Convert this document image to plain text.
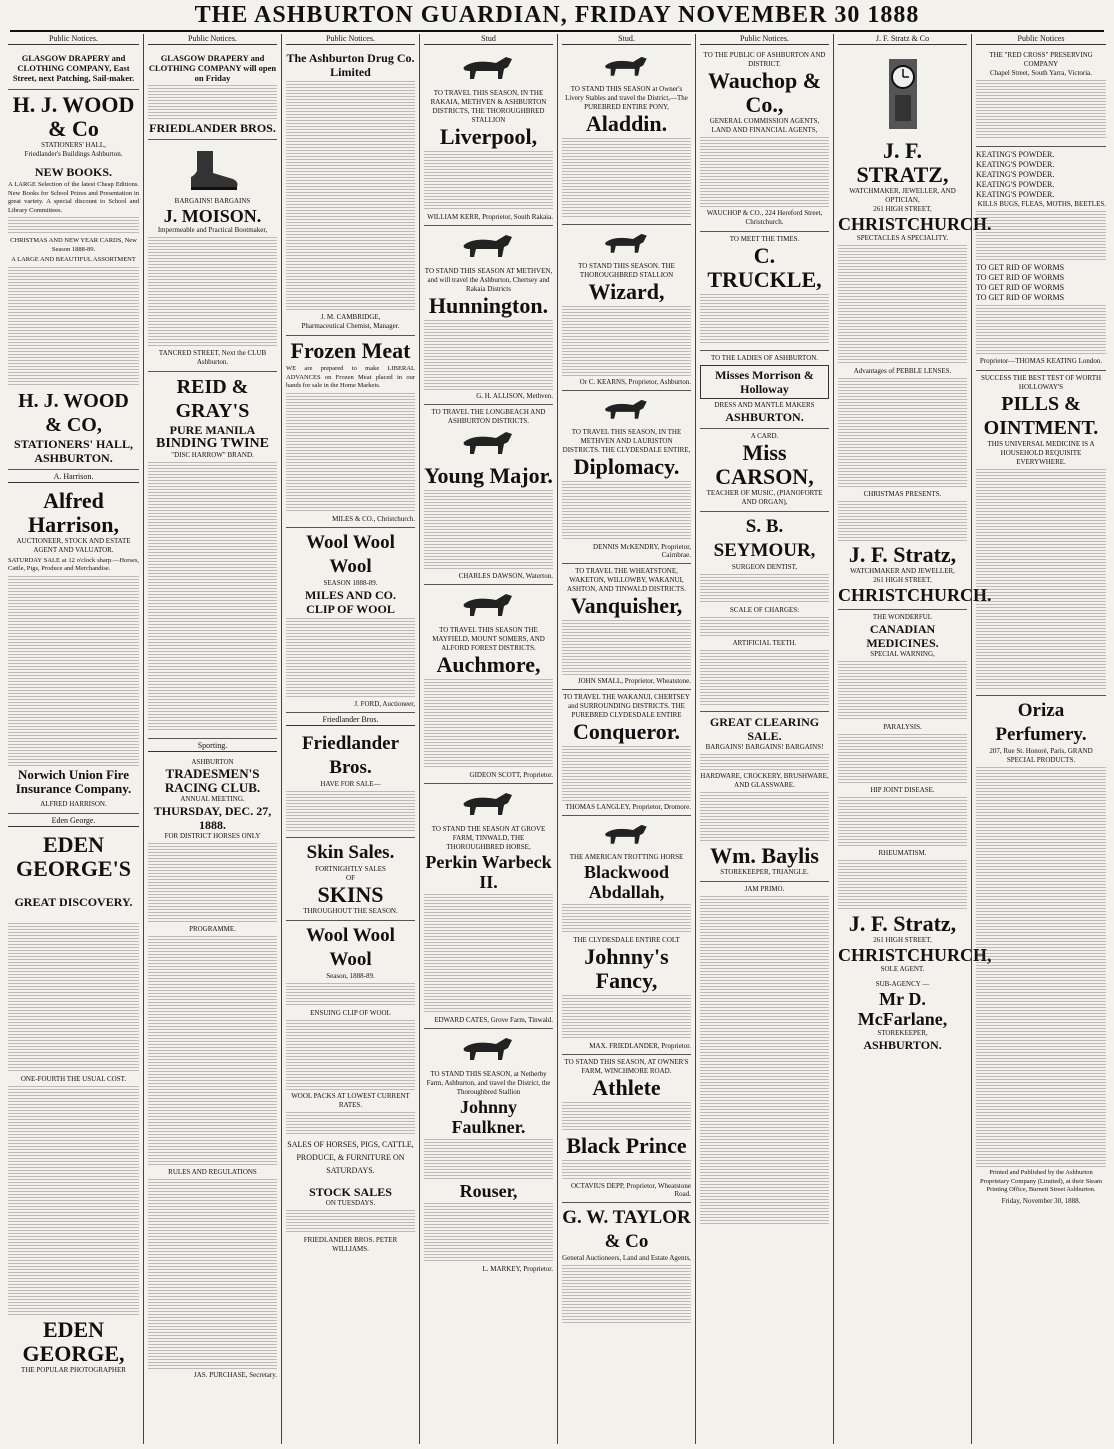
THE ASHBURTON GUARDIAN, FRIDAY NOVEMBER 30 1888
Public Notices.
GLASGOW DRAPERY and CLOTHING COMPANY, East Street, next Patching, Sail-maker.
H. J. WOOD & Co
STATIONERS' HALL,
Friedlander's Buildings Ashburton.
NEW BOOKS.
A LARGE Selection of the latest Cheap Editions. New Books for School Prizes and Presentation in great variety. A special discount to School and Library Committees.
CHRISTMAS AND NEW YEAR CARDS, New Season 1888-89.
A LARGE AND BEAUTIFUL ASSORTMENT
H. J. WOOD & CO,
STATIONERS' HALL, ASHBURTON.
A. Harrison.
Alfred Harrison,
AUCTIONEER, STOCK AND ESTATE AGENT AND VALUATOR.
SATURDAY SALE at 12 o'clock sharp.—Horses, Cattle, Pigs, Produce and Merchandise.
Norwich Union Fire Insurance Company.
ALFRED HARRISON.
Eden George.
EDEN GEORGE'S
GREAT DISCOVERY.
ONE-FOURTH THE USUAL COST.
EDEN GEORGE,
THE POPULAR PHOTOGRAPHER
Public Notices.
GLASGOW DRAPERY and CLOTHING COMPANY will open on Friday
FRIEDLANDER BROS.
BARGAINS! BARGAINS
J. MOISON.
Impermeable and Practical Bootmaker,
TANCRED STREET, Next the CLUB Ashburton.
REID & GRAY'S
PURE MANILA
BINDING TWINE
"DISC HARROW" BRAND.
Sporting.
ASHBURTON
TRADESMEN'S RACING CLUB.
ANNUAL MEETING.
THURSDAY, DEC. 27, 1888.
FOR DISTRICT HORSES ONLY
PROGRAMME.
RULES AND REGULATIONS
JAS. PURCHASE, Secretary.
Public Notices.
The Ashburton Drug Co. Limited
J. M. CAMBRIDGE,
Pharmaceutical Chemist, Manager.
Frozen Meat
WE are prepared to make LIBERAL ADVANCES on Frozen Meat placed in our hands for sale in the Home Markets.
MILES & CO., Christchurch.
Wool Wool Wool
SEASON 1888-89.
MILES AND CO.
CLIP OF WOOL
J. FORD, Auctioneer,
Friedlander Bros.
Friedlander Bros.
HAVE FOR SALE—
Skin Sales.
FORTNIGHTLY SALES
OF
SKINS
THROUGHOUT THE SEASON.
Wool Wool Wool
Season, 1888-89.
ENSUING CLIP OF WOOL
WOOL PACKS AT LOWEST CURRENT RATES.
SALES OF HORSES, PIGS, CATTLE, PRODUCE, & FURNITURE ON SATURDAYS.
STOCK SALES
ON TUESDAYS.
FRIEDLANDER BROS. PETER WILLIAMS.
Stud
TO TRAVEL THIS SEASON, IN THE RAKAIA, METHVEN & ASHBURTON DISTRICTS, THE THOROUGHBRED STALLION
Liverpool,
WILLIAM KERR, Proprietor, South Rakaia.
TO STAND THIS SEASON AT METHVEN, and will travel the Ashburton, Chertsey and Rakaia Districts
Hunnington.
G. H. ALLISON, Methven.
TO TRAVEL THE LONGBEACH AND ASHBURTON DISTRICTS.
Young Major.
CHARLES DAWSON, Waterton.
TO TRAVEL THIS SEASON THE MAYFIELD, MOUNT SOMERS, AND ALFORD FOREST DISTRICTS.
Auchmore,
GIDEON SCOTT, Proprietor.
TO STAND THE SEASON AT GROVE FARM, TINWALD, THE THOROUGHBRED HORSE,
Perkin Warbeck II.
EDWARD CATES, Grove Farm, Tinwald.
TO STAND THIS SEASON, at Netherby Farm, Ashburton, and travel the District, the Thoroughbred Stallion
Johnny Faulkner.
Rouser,
L. MARKEY, Proprietor.
Stud.
TO STAND THIS SEASON at Owner's Livery Stables and travel the District,—The PUREBRED ENTIRE PONY,
Aladdin.
TO STAND THIS SEASON. THE THOROUGHBRED STALLION
Wizard,
Or C. KEARNS, Proprietor, Ashburton.
TO TRAVEL THIS SEASON, IN THE METHVEN AND LAURISTON DISTRICTS. THE CLYDESDALE ENTIRE,
Diplomacy.
DENNIS McKENDRY, Proprietor, Cairnbrae.
TO TRAVEL THE WHEATSTONE, WAKETON, WILLOWBY, WAKANUI, ASHTON, AND TINWALD DISTRICTS.
Vanquisher,
JOHN SMALL, Proprietor, Wheatstone.
TO TRAVEL THE WAKANUI, CHERTSEY and SURROUNDING DISTRICTS. THE PUREBRED CLYDESDALE ENTIRE
Conqueror.
THOMAS LANGLEY, Proprietor, Dromore.
THE AMERICAN TROTTING HORSE
Blackwood Abdallah,
THE CLYDESDALE ENTIRE COLT
Johnny's Fancy,
MAX. FRIEDLANDER, Proprietor.
TO STAND THIS SEASON, AT OWNER'S FARM, WINCHMORE ROAD.
Athlete
Black Prince
OCTAVIUS DEPP, Proprietor, Wheatstone Road.
G. W. TAYLOR & Co
General Auctioneers, Land and Estate Agents,
Public Notices.
TO THE PUBLIC OF ASHBURTON AND DISTRICT.
Wauchop & Co.,
GENERAL COMMISSION AGENTS, LAND AND FINANCIAL AGENTS,
WAUCHOP & CO., 224 Hereford Street, Christchurch.
TO MEET THE TIMES.
C. TRUCKLE,
TO THE LADIES OF ASHBURTON.
Misses Morrison & Holloway
DRESS AND MANTLE MAKERS
ASHBURTON.
A CARD.
Miss CARSON,
TEACHER OF MUSIC, (PIANOFORTE AND ORGAN),
S. B. SEYMOUR,
SURGEON DENTIST,
SCALE OF CHARGES:
ARTIFICIAL TEETH.
GREAT CLEARING SALE.
BARGAINS! BARGAINS! BARGAINS!
HARDWARE, CROCKERY, BRUSHWARE, AND GLASSWARE.
Wm. Baylis
STOREKEEPER, TRIANGLE.
JAM PRIMO.
J. F. Stratz & Co
J. F. STRATZ,
WATCHMAKER, JEWELLER, AND OPTICIAN,
261 HIGH STREET,
CHRISTCHURCH.
SPECTACLES A SPECIALITY.
Advantages of PEBBLE LENSES.
CHRISTMAS PRESENTS.
J. F. Stratz,
WATCHMAKER AND JEWELLER,
261 HIGH STREET,
CHRISTCHURCH.
THE WONDERFUL
CANADIAN MEDICINES.
SPECIAL WARNING,
PARALYSIS.
HIP JOINT DISEASE.
RHEUMATISM.
J. F. Stratz,
261 HIGH STREET,
CHRISTCHURCH,
SOLE AGENT.
SUB-AGENCY —
Mr D. McFarlane,
STOREKEEPER,
ASHBURTON.
Public Notices
THE "RED CROSS" PRESERVING COMPANY
Chapel Street, South Yarra, Victoria.
KEATING'S POWDER.
KEATING'S POWDER.
KEATING'S POWDER.
KEATING'S POWDER.
KEATING'S POWDER.
KILLS BUGS, FLEAS, MOTHS, BEETLES.
TO GET RID OF WORMS
TO GET RID OF WORMS
TO GET RID OF WORMS
TO GET RID OF WORMS
Proprietor—THOMAS KEATING London.
SUCCESS THE BEST TEST OF WORTH
HOLLOWAY'S
PILLS & OINTMENT.
THIS UNIVERSAL MEDICINE IS A HOUSEHOLD REQUISITE EVERYWHERE.
Oriza Perfumery.
207, Rue St. Honoré, Paris, GRAND SPECIAL PRODUCTS.
Printed and Published by the Ashburton Proprietary Company (Limited), at their Steam Printing Office, Burnett Street Ashburton.
Friday, November 30, 1888.
